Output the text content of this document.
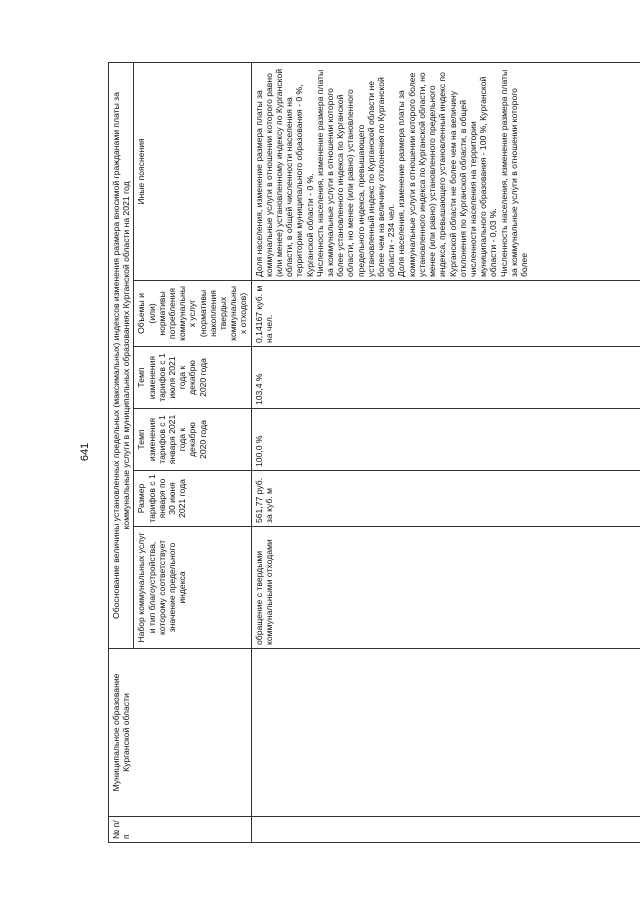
641
№ п/п	Муниципальное образование Курганской области	Обоснование величины установленных предельных (максимальных) индексов изменения размера вносимой гражданами платы за коммунальные услуги в муниципальных образованиях Курганской области на 2021 год					
		Набор коммунальных услуг и тип благоустройства, которому соответствует значение предельного индекса	Размер тарифов с 1 января по 30 июня 2021 года	Темп изменения тарифов с 1 января 2021 года к декабрю 2020 года	Темп изменения тарифов с 1 июля 2021 года к декабрю 2020 года	Объемы и (или) нормативы потребления коммунальных услуг (нормативы накопления твердых коммунальных отходов)	Иные пояснения
		обращение с твердыми коммунальными отходами	561,77 руб. за куб. м	100,0 %	103,4 %	0,14167 куб. м на чел.	Доля населения, изменение размера платы за коммунальные услуги в отношении которого равно (или менее) установленному индексу по Курганской области, в общей численности населения на территории муниципального образования - 0 %, Курганской области - 0 %. Численность населения, изменение размера платы за коммунальные услуги в отношении которого более установленного индекса по Курганской области, но менее (или равно) установленного предельного индекса, превышающего установленный индекс по Курганской области не более чем на величину отклонения по Курганской области - 234 чел. Доля населения, изменение размера платы за коммунальные услуги в отношении которого более установленного индекса по Курганской области, но менее (или равно) установленного предельного индекса, превышающего установленный индекс по Курганской области не более чем на величину отклонения по Курганской области, в общей численности населения на территории муниципального образования - 100 %, Курганской области - 0,03 %. Численность населения, изменение размера платы за коммунальные услуги в отношении которого более
